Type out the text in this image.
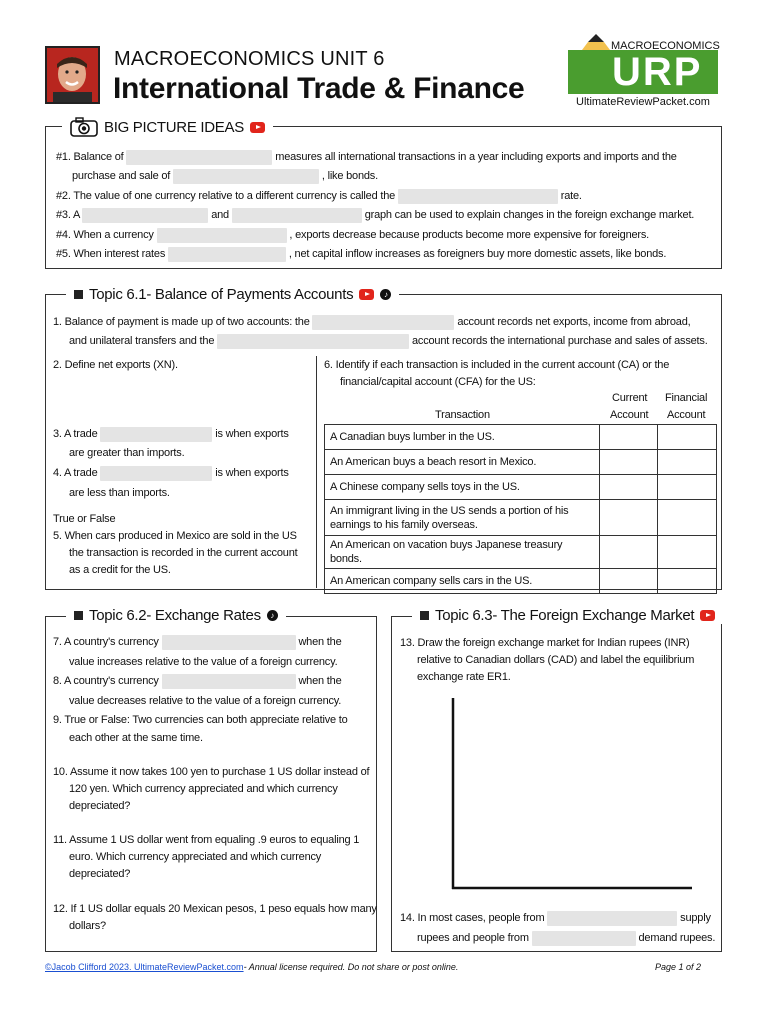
MACROECONOMICS UNIT 6
International Trade & Finance
MACROECONOMICS
URP
UltimateReviewPacket.com
BIG PICTURE IDEAS
#1. Balance of	measures all international transactions in a year including exports and imports and the
purchase and sale of	, like bonds.
#2. The value of one currency relative to a different currency is called the	rate.
#3. A	and	graph can be used to explain changes in the foreign exchange market.
#4. When a currency	, exports decrease because products become more expensive for foreigners.
#5. When interest rates	, net capital inflow increases as foreigners buy more domestic assets, like bonds.
Topic 6.1- Balance of Payments Accounts	♪
1. Balance of payment is made up of two accounts: the	account records net exports, income from abroad,
and unilateral transfers and the	account records the international purchase and sales of assets.
2. Define net exports (XN).
3. A trade	is when exports
are greater than imports.
4. A trade	is when exports
are less than imports.
True or False
5. When cars produced in Mexico are sold in the US
the transaction is recorded in the current account
as a credit for the US.
6. Identify if each transaction is included in the current account (CA) or the
financial/capital account (CFA) for the US:
Transaction
Current
Account
Financial
Account
A Canadian buys lumber in the US.		
An American buys a beach resort in Mexico.		
A Chinese company sells toys in the US.		
An immigrant living in the US sends a portion of his earnings to his family overseas.		
An American on vacation buys Japanese treasury bonds.		
An American company sells cars in the US.		
Topic 6.2- Exchange Rates	♪
7. A country's currency	when the
value increases relative to the value of a foreign currency.
8. A country's currency	when the
value decreases relative to the value of a foreign currency.
9. True or False: Two currencies can both appreciate relative to
each other at the same time.
10. Assume it now takes 100 yen to purchase 1 US dollar instead of
120 yen. Which currency appreciated and which currency
depreciated?
11. Assume 1 US dollar went from equaling .9 euros to equaling 1
euro. Which currency appreciated and which currency
depreciated?
12. If 1 US dollar equals 20 Mexican pesos, 1 peso equals how many
dollars?
Topic 6.3- The Foreign Exchange Market
13. Draw the foreign exchange market for Indian rupees (INR)
relative to Canadian dollars (CAD) and label the equilibrium
exchange rate ER1.
14. In most cases, people from	supply
rupees and people from	demand rupees.
©Jacob Clifford 2023. UltimateReviewPacket.com- Annual license required. Do not share or post online.	Page 1 of 2
